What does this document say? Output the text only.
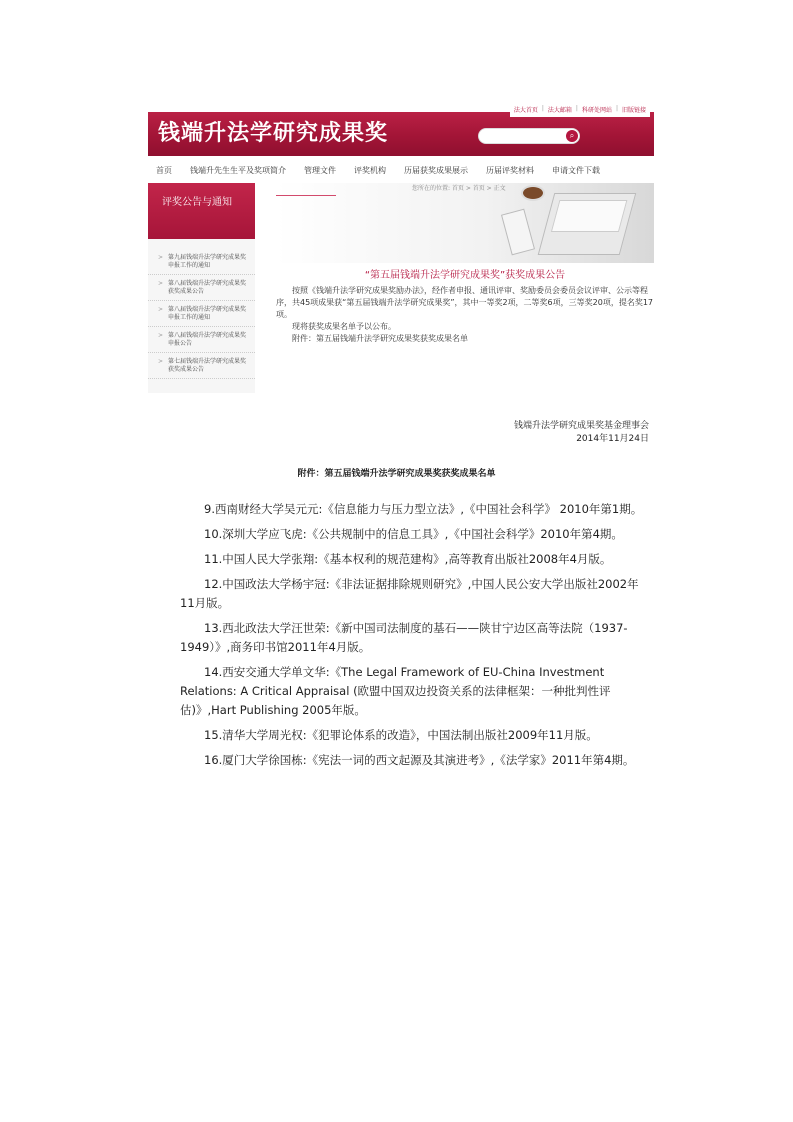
法大首页 | 法大邮箱 | 科研处网站 | 旧版链接
钱端升法学研究成果奖	⌕
首页 钱端升先生生平及奖项简介 管理文件 评奖机构 历届获奖成果展示 历届评奖材料 申请文件下载
评奖公告与通知
> 第九届钱端升法学研究成果奖申报工作的通知
> 第八届钱端升法学研究成果奖获奖成果公告
> 第八届钱端升法学研究成果奖申报工作的通知
> 第八届钱端升法学研究成果奖申报公告
> 第七届钱端升法学研究成果奖获奖成果公告
您所在的位置: 首页 > 首页 > 正文
“第五届钱端升法学研究成果奖”获奖成果公告

按照《钱端升法学研究成果奖励办法》，经作者申报、通讯评审、奖励委员会委员会议评审、公示等程序，共45项成果获“第五届钱端升法学研究成果奖”，其中一等奖2项，二等奖6项，三等奖20项，提名奖17项。

现将获奖成果名单予以公布。

附件：第五届钱端升法学研究成果奖获奖成果名单

钱端升法学研究成果奖基金理事会
2014年11月24日
附件：第五届钱端升法学研究成果奖获奖成果名单

9.西南财经大学吴元元:《信息能力与压力型立法》,《中国社会科学》 2010年第1期。

10.深圳大学应飞虎:《公共规制中的信息工具》,《中国社会科学》2010年第4期。

11.中国人民大学张翔:《基本权利的规范建构》,高等教育出版社2008年4月版。

12.中国政法大学杨宇冠:《非法证据排除规则研究》,中国人民公安大学出版社2002年11月版。

13.西北政法大学汪世荣:《新中国司法制度的基石——陕甘宁边区高等法院（1937-1949）》,商务印书馆2011年4月版。

14.西安交通大学单文华:《The Legal Framework of EU-China Investment Relations: A Critical Appraisal (欧盟中国双边投资关系的法律框架：一种批判性评估)》,Hart Publishing 2005年版。

15.清华大学周光权:《犯罪论体系的改造》，中国法制出版社2009年11月版。

16.厦门大学徐国栋:《宪法一词的西文起源及其演进考》,《法学家》2011年第4期。
